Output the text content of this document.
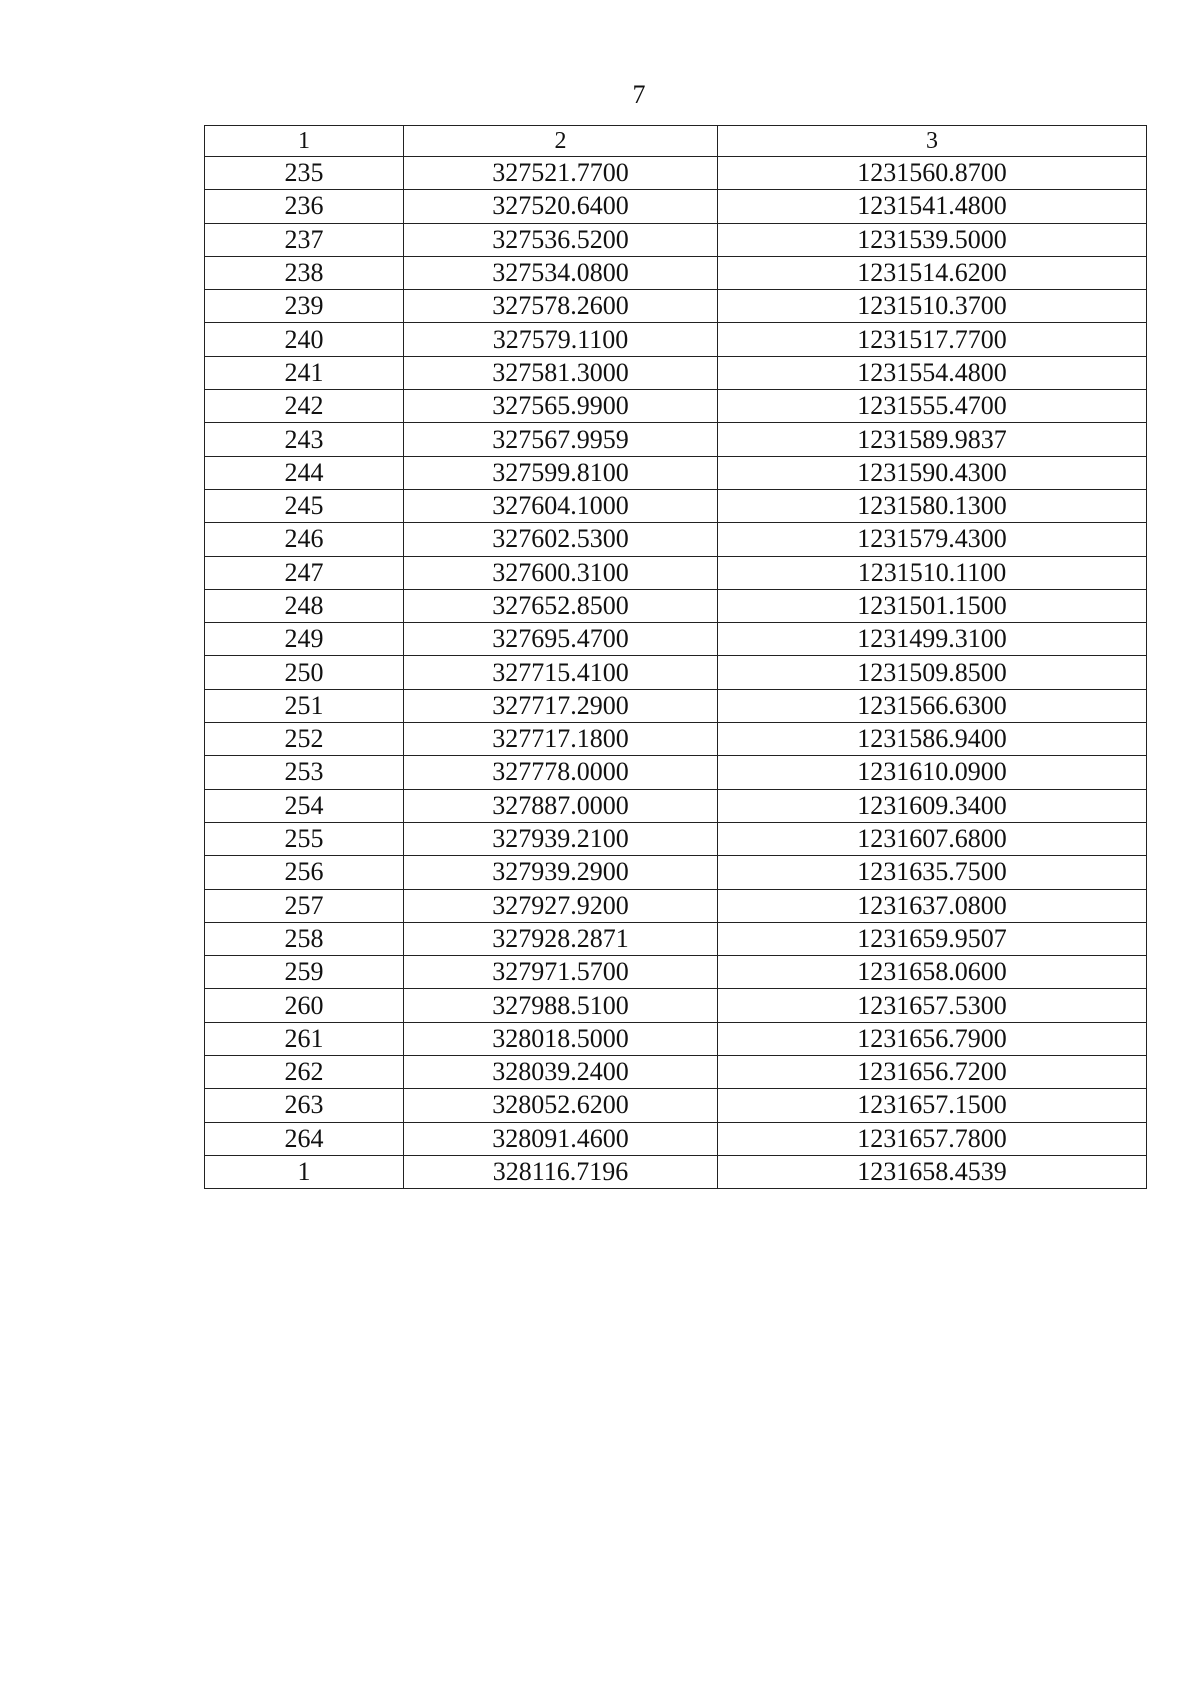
7
1	2	3
235	327521.7700	1231560.8700
236	327520.6400	1231541.4800
237	327536.5200	1231539.5000
238	327534.0800	1231514.6200
239	327578.2600	1231510.3700
240	327579.1100	1231517.7700
241	327581.3000	1231554.4800
242	327565.9900	1231555.4700
243	327567.9959	1231589.9837
244	327599.8100	1231590.4300
245	327604.1000	1231580.1300
246	327602.5300	1231579.4300
247	327600.3100	1231510.1100
248	327652.8500	1231501.1500
249	327695.4700	1231499.3100
250	327715.4100	1231509.8500
251	327717.2900	1231566.6300
252	327717.1800	1231586.9400
253	327778.0000	1231610.0900
254	327887.0000	1231609.3400
255	327939.2100	1231607.6800
256	327939.2900	1231635.7500
257	327927.9200	1231637.0800
258	327928.2871	1231659.9507
259	327971.5700	1231658.0600
260	327988.5100	1231657.5300
261	328018.5000	1231656.7900
262	328039.2400	1231656.7200
263	328052.6200	1231657.1500
264	328091.4600	1231657.7800
1	328116.7196	1231658.4539
